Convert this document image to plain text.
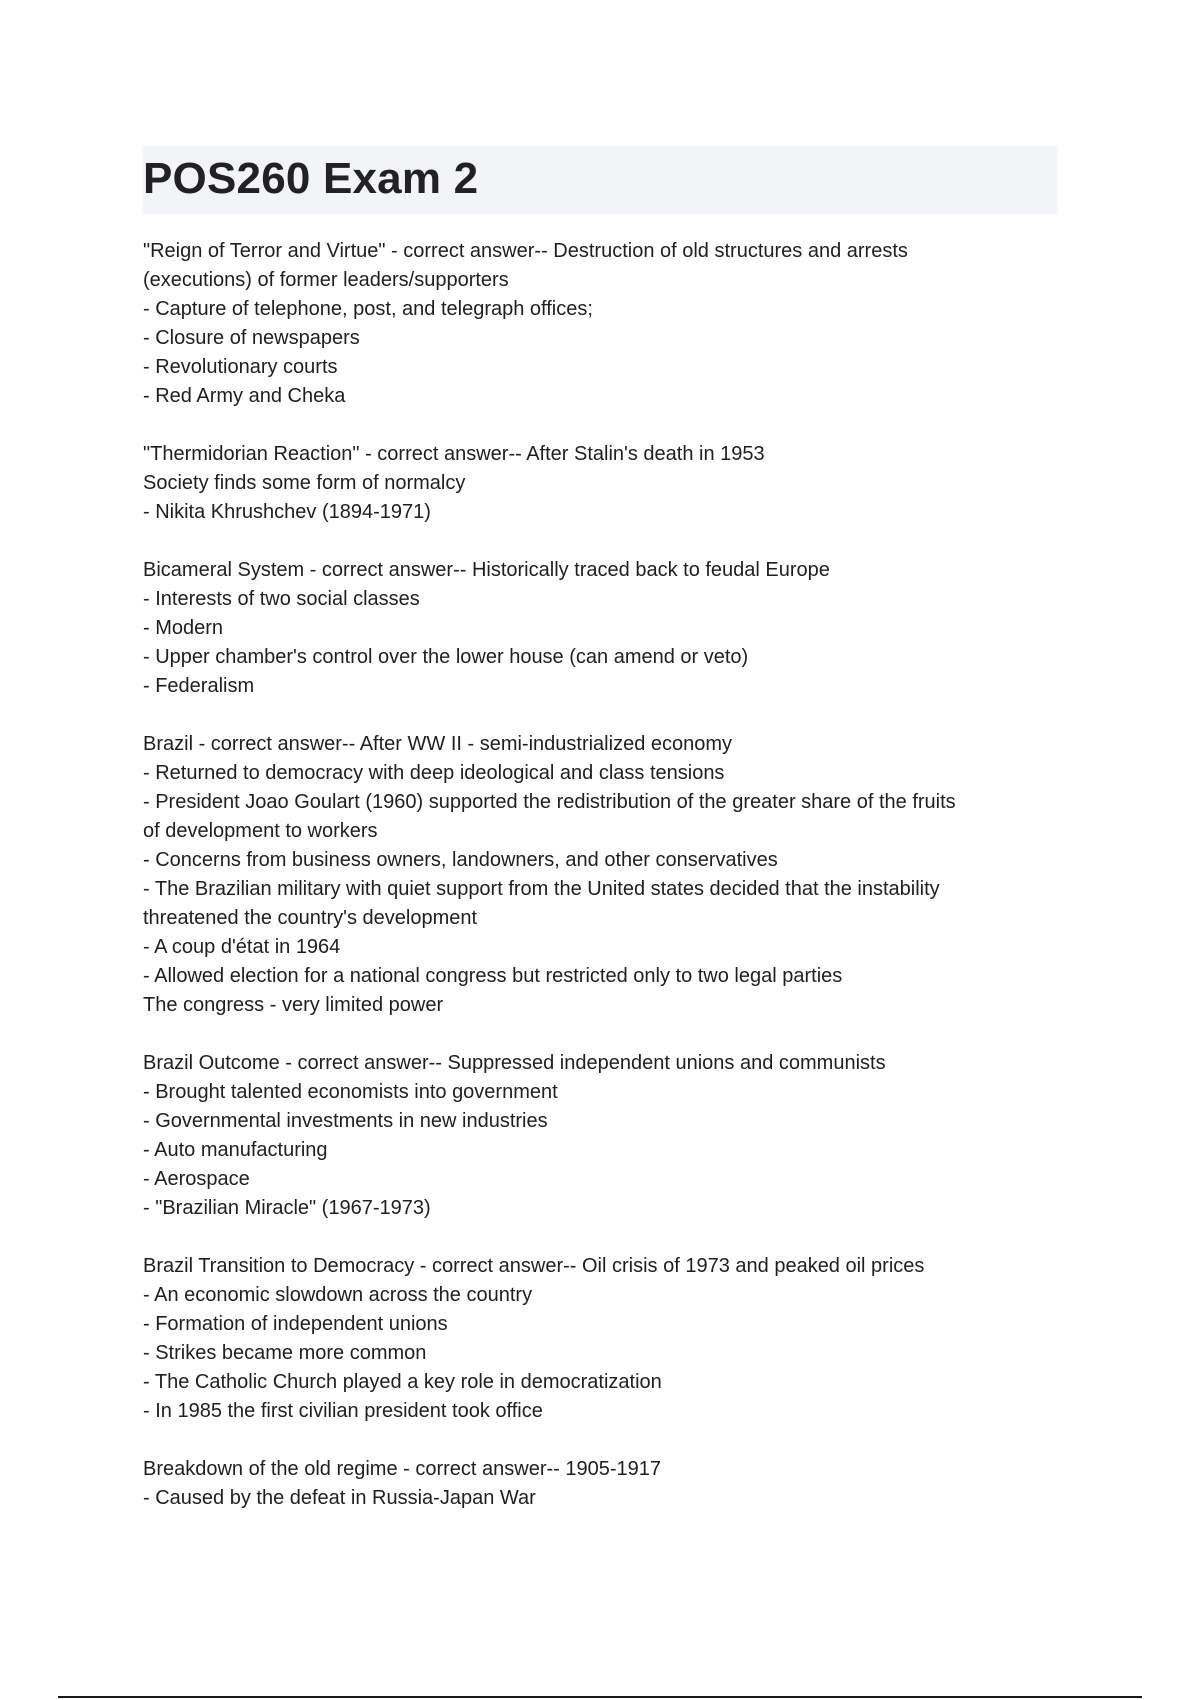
POS260 Exam 2
"Reign of Terror and Virtue" - correct answer-- Destruction of old structures and arrests
(executions) of former leaders/supporters
- Capture of telephone, post, and telegraph offices;
- Closure of newspapers
- Revolutionary courts
- Red Army and Cheka
"Thermidorian Reaction" - correct answer-- After Stalin's death in 1953
Society finds some form of normalcy
- Nikita Khrushchev (1894-1971)
Bicameral System - correct answer-- Historically traced back to feudal Europe
- Interests of two social classes
- Modern
- Upper chamber's control over the lower house (can amend or veto)
- Federalism
Brazil - correct answer-- After WW II - semi-industrialized economy
- Returned to democracy with deep ideological and class tensions
- President Joao Goulart (1960) supported the redistribution of the greater share of the fruits
of development to workers
- Concerns from business owners, landowners, and other conservatives
- The Brazilian military with quiet support from the United states decided that the instability
threatened the country's development
- A coup d'état in 1964
- Allowed election for a national congress but restricted only to two legal parties
The congress - very limited power
Brazil Outcome - correct answer-- Suppressed independent unions and communists
- Brought talented economists into government
- Governmental investments in new industries
- Auto manufacturing
- Aerospace
- "Brazilian Miracle" (1967-1973)
Brazil Transition to Democracy - correct answer-- Oil crisis of 1973 and peaked oil prices
- An economic slowdown across the country
- Formation of independent unions
- Strikes became more common
- The Catholic Church played a key role in democratization
- In 1985 the first civilian president took office
Breakdown of the old regime - correct answer-- 1905-1917
- Caused by the defeat in Russia-Japan War
